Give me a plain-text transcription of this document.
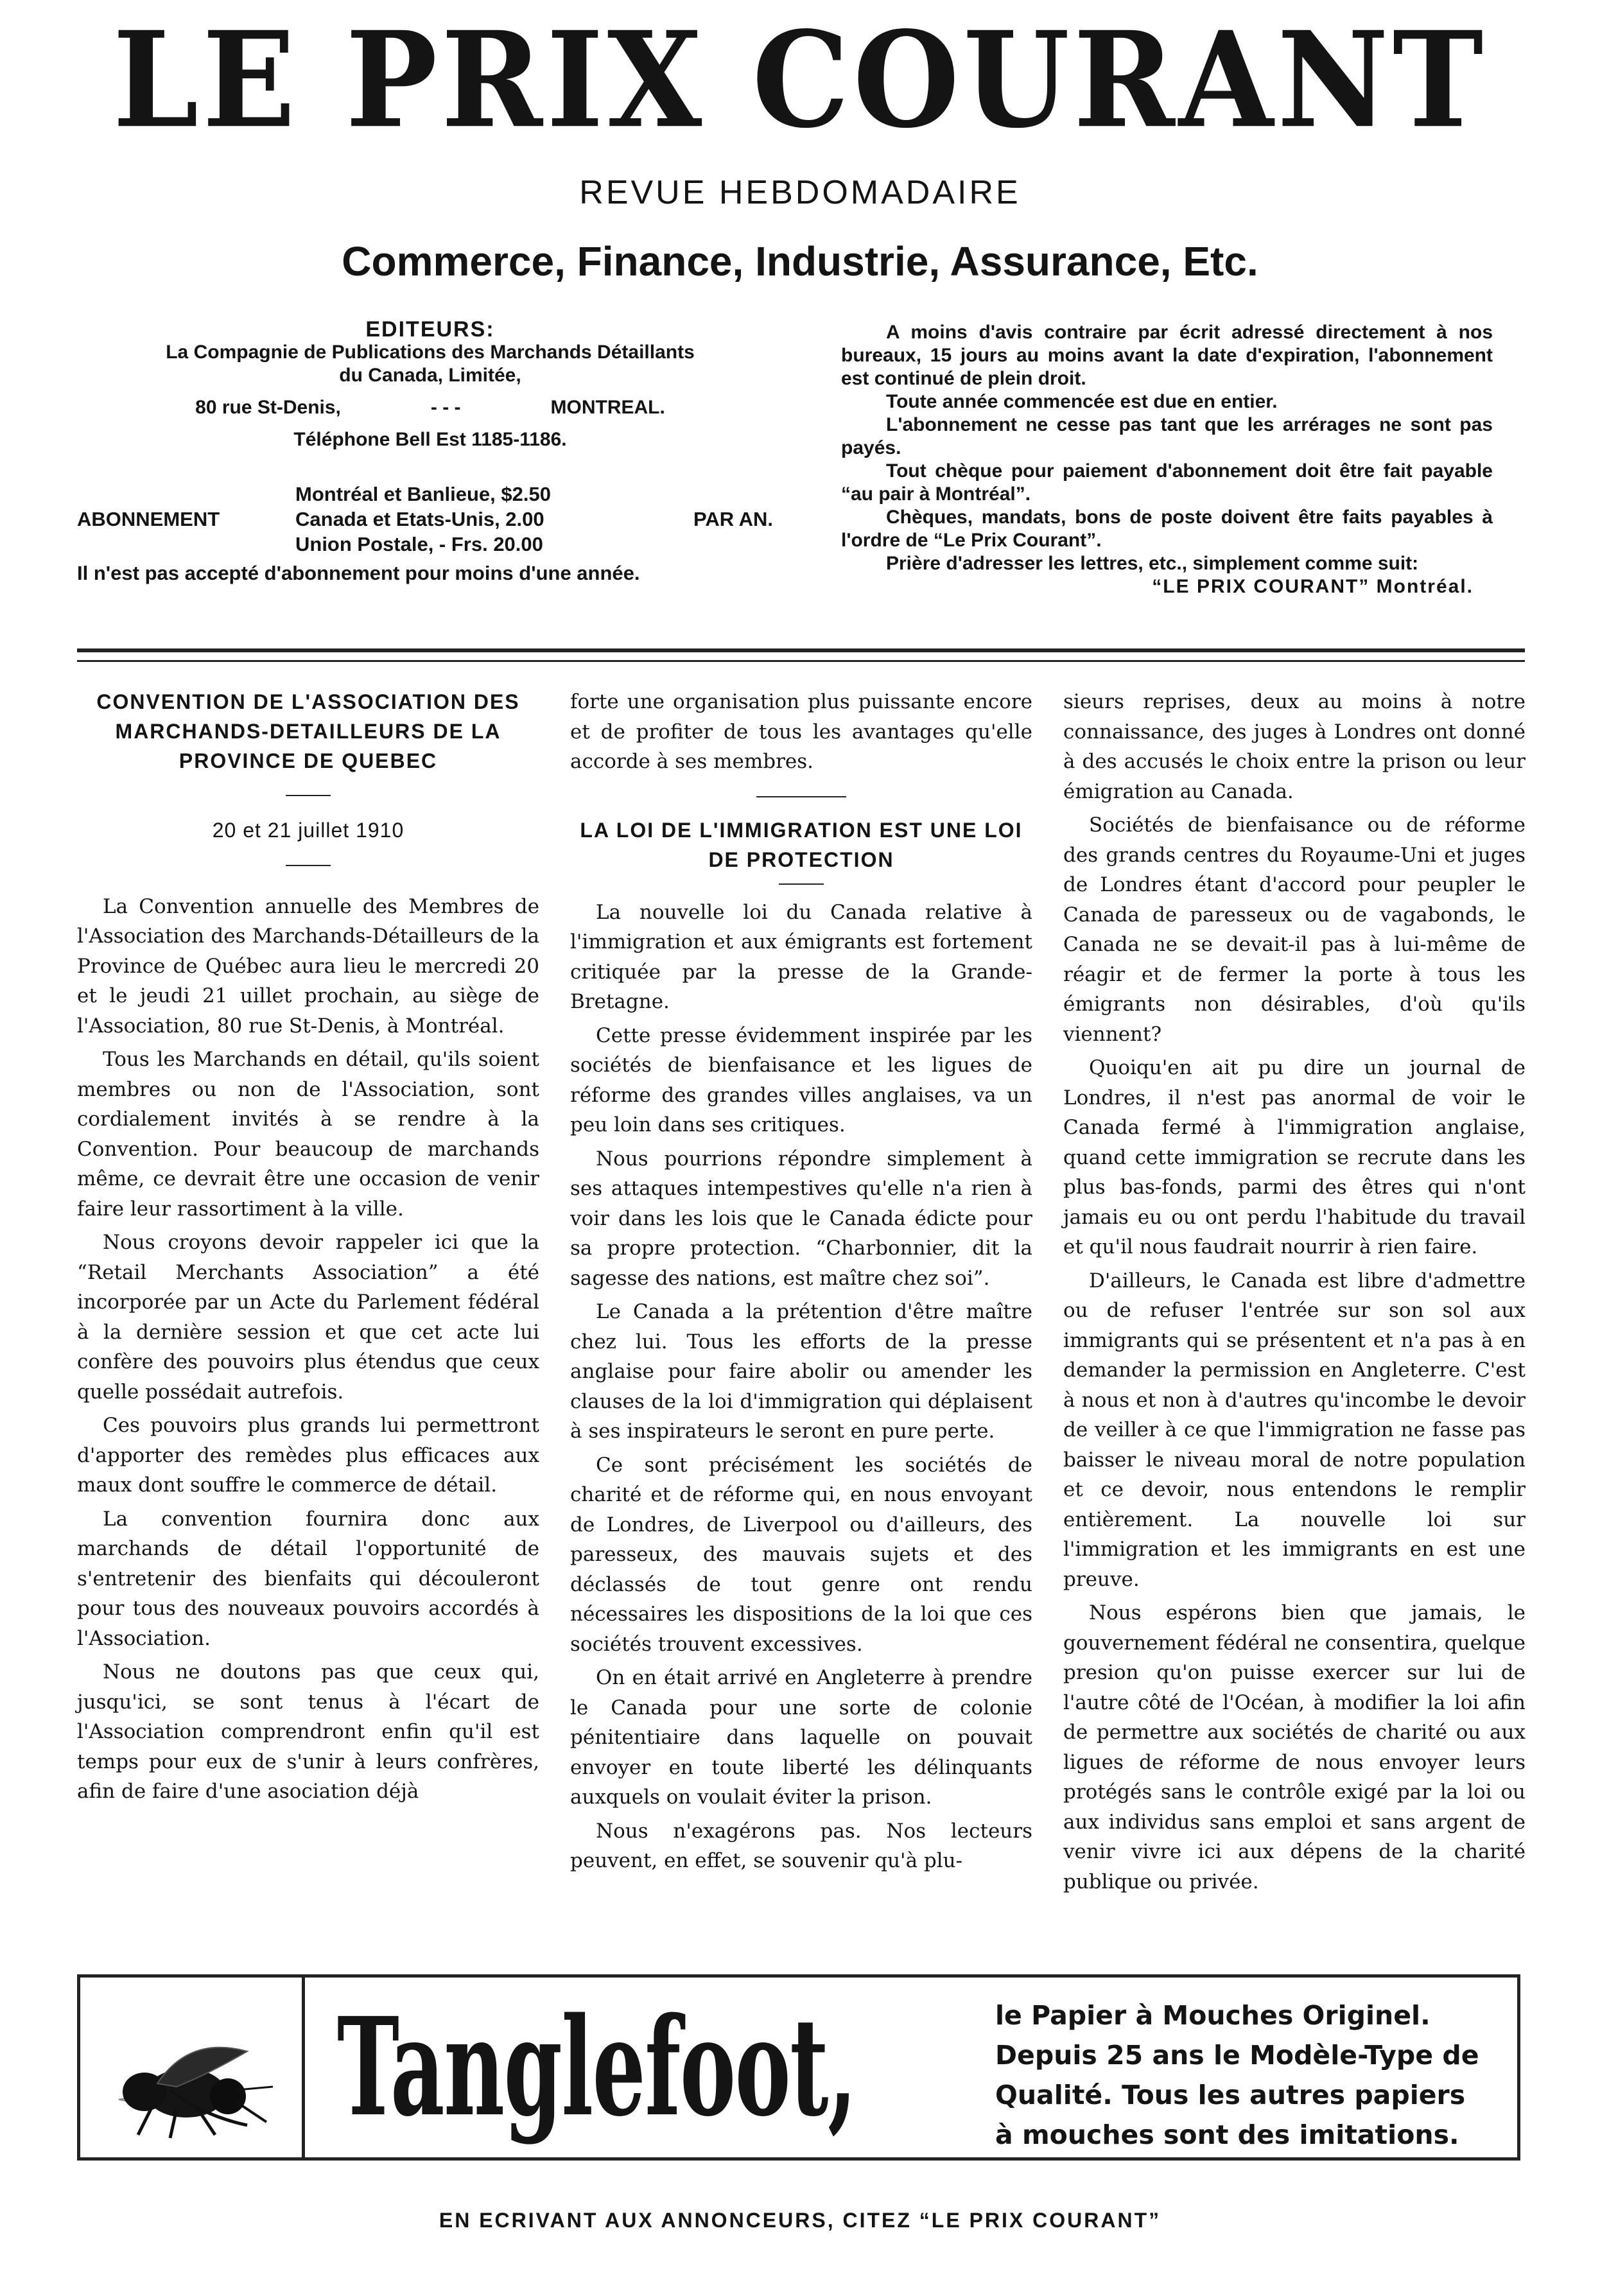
LE PRIX COURANT
REVUE HEBDOMADAIRE
Commerce, Finance, Industrie, Assurance, Etc.
EDITEURS:
La Compagnie de Publications des Marchands Détaillants
du Canada, Limitée,
80 rue St-Denis,	- - -	MONTREAL.
Téléphone Bell Est 1185-1186.
ABONNEMENT
Montréal et Banlieue, $2.50
Canada et Etats-Unis, 2.00
Union Postale, - Frs. 20.00
PAR AN.
Il n'est pas accepté d'abonnement pour moins d'une année.

A moins d'avis contraire par écrit adressé directement à nos bureaux, 15 jours au moins avant la date d'expiration, l'abonnement est continué de plein droit.

Toute année commencée est due en entier.

L'abonnement ne cesse pas tant que les arrérages ne sont pas payés.

Tout chèque pour paiement d'abonnement doit être fait payable “au pair à Montréal”.

Chèques, mandats, bons de poste doivent être faits payables à l'ordre de “Le Prix Courant”.

Prière d'adresser les lettres, etc., simplement comme suit:

“LE PRIX COURANT” Montréal.

CONVENTION DE L'ASSOCIATION DES MARCHANDS-DETAILLEURS DE LA PROVINCE DE QUEBEC
20 et 21 juillet 1910

La Convention annuelle des Membres de l'Association des Marchands-Détailleurs de la Province de Québec aura lieu le mercredi 20 et le jeudi 21 uillet prochain, au siège de l'Association, 80 rue St-Denis, à Montréal.

Tous les Marchands en détail, qu'ils soient membres ou non de l'Association, sont cordialement invités à se rendre à la Convention. Pour beaucoup de marchands même, ce devrait être une occasion de venir faire leur rassortiment à la ville.

Nous croyons devoir rappeler ici que la “Retail Merchants Association” a été incorporée par un Acte du Parlement fédéral à la dernière session et que cet acte lui confère des pouvoirs plus étendus que ceux quelle possédait autrefois.

Ces pouvoirs plus grands lui permettront d'apporter des remèdes plus efficaces aux maux dont souffre le commerce de détail.

La convention fournira donc aux marchands de détail l'opportunité de s'entretenir des bienfaits qui découleront pour tous des nouveaux pouvoirs accordés à l'Association.

Nous ne doutons pas que ceux qui, jusqu'ici, se sont tenus à l'écart de l'Association comprendront enfin qu'il est temps pour eux de s'unir à leurs confrères, afin de faire d'une asociation déjà

forte une organisation plus puissante encore et de profiter de tous les avantages qu'elle accorde à ses membres.

LA LOI DE L'IMMIGRATION EST UNE LOI DE PROTECTION

La nouvelle loi du Canada relative à l'immigration et aux émigrants est fortement critiquée par la presse de la Grande-Bretagne.

Cette presse évidemment inspirée par les sociétés de bienfaisance et les ligues de réforme des grandes villes anglaises, va un peu loin dans ses critiques.

Nous pourrions répondre simplement à ses attaques intempestives qu'elle n'a rien à voir dans les lois que le Canada édicte pour sa propre protection. “Charbonnier, dit la sagesse des nations, est maître chez soi”.

Le Canada a la prétention d'être maître chez lui. Tous les efforts de la presse anglaise pour faire abolir ou amender les clauses de la loi d'immigration qui déplaisent à ses inspirateurs le seront en pure perte.

Ce sont précisément les sociétés de charité et de réforme qui, en nous envoyant de Londres, de Liverpool ou d'ailleurs, des paresseux, des mauvais sujets et des déclassés de tout genre ont rendu nécessaires les dispositions de la loi que ces sociétés trouvent excessives.

On en était arrivé en Angleterre à prendre le Canada pour une sorte de colonie pénitentiaire dans laquelle on pouvait envoyer en toute liberté les délinquants auxquels on voulait éviter la prison.

Nous n'exagérons pas. Nos lecteurs peuvent, en effet, se souvenir qu'à plu-

sieurs reprises, deux au moins à notre connaissance, des juges à Londres ont donné à des accusés le choix entre la prison ou leur émigration au Canada.

Sociétés de bienfaisance ou de réforme des grands centres du Royaume-Uni et juges de Londres étant d'accord pour peupler le Canada de paresseux ou de vagabonds, le Canada ne se devait-il pas à lui-même de réagir et de fermer la porte à tous les émigrants non désirables, d'où qu'ils viennent?

Quoiqu'en ait pu dire un journal de Londres, il n'est pas anormal de voir le Canada fermé à l'immigration anglaise, quand cette immigration se recrute dans les plus bas-fonds, parmi des êtres qui n'ont jamais eu ou ont perdu l'habitude du travail et qu'il nous faudrait nourrir à rien faire.

D'ailleurs, le Canada est libre d'admettre ou de refuser l'entrée sur son sol aux immigrants qui se présentent et n'a pas à en demander la permission en Angleterre. C'est à nous et non à d'autres qu'incombe le devoir de veiller à ce que l'immigration ne fasse pas baisser le niveau moral de notre population et ce devoir, nous entendons le remplir entièrement. La nouvelle loi sur l'immigration et les immigrants en est une preuve.

Nous espérons bien que jamais, le gouvernement fédéral ne consentira, quelque presion qu'on puisse exercer sur lui de l'autre côté de l'Océan, à modifier la loi afin de permettre aux sociétés de charité ou aux ligues de réforme de nous envoyer leurs protégés sans le contrôle exigé par la loi ou aux individus sans emploi et sans argent de venir vivre ici aux dépens de la charité publique ou privée.

Tanglefoot,	le Papier à Mouches Originel.
Depuis 25 ans le Modèle-Type de
Qualité. Tous les autres papiers
à mouches sont des imitations.
EN ECRIVANT AUX ANNONCEURS, CITEZ “LE PRIX COURANT”
